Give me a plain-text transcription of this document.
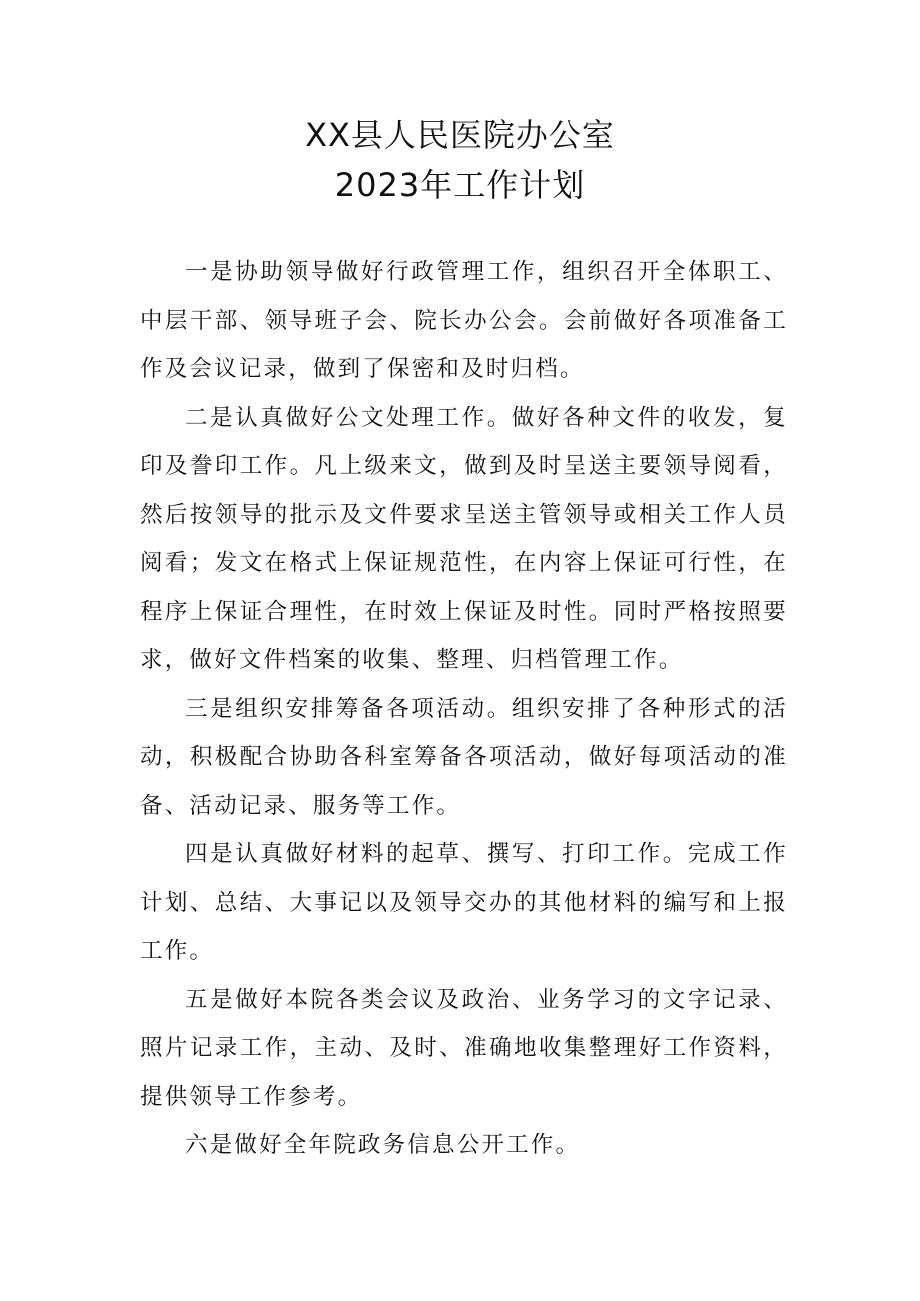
XX县人民医院办公室
2023年工作计划

一是协助领导做好行政管理工作，组织召开全体职工、中层干部、领导班子会、院长办公会。会前做好各项准备工作及会议记录，做到了保密和及时归档。

二是认真做好公文处理工作。做好各种文件的收发，复印及誊印工作。凡上级来文，做到及时呈送主要领导阅看，然后按领导的批示及文件要求呈送主管领导或相关工作人员阅看；发文在格式上保证规范性，在内容上保证可行性，在程序上保证合理性，在时效上保证及时性。同时严格按照要求，做好文件档案的收集、整理、归档管理工作。

三是组织安排筹备各项活动。组织安排了各种形式的活动，积极配合协助各科室筹备各项活动，做好每项活动的准备、活动记录、服务等工作。

四是认真做好材料的起草、撰写、打印工作。完成工作计划、总结、大事记以及领导交办的其他材料的编写和上报工作。

五是做好本院各类会议及政治、业务学习的文字记录、照片记录工作，主动、及时、准确地收集整理好工作资料，提供领导工作参考。

六是做好全年院政务信息公开工作。
